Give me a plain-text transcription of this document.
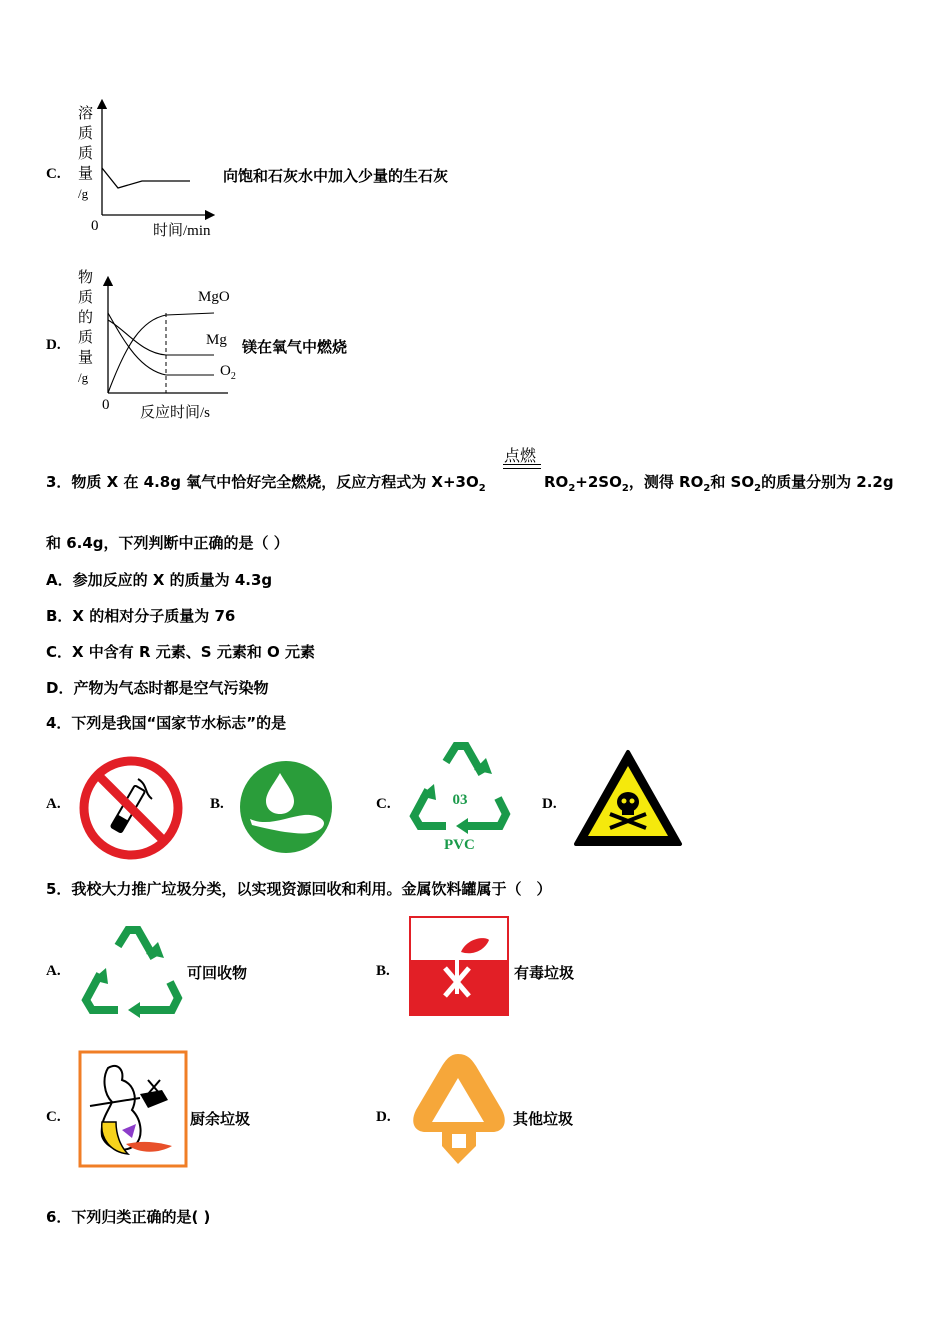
C.
溶
质
质
量
/g
0	时间/min
向饱和石灰水中加入少量的生石灰
D.
物
质
的
质
量
/g
0 反应时间/s
MgO
Mg
$O_2$
镁在氧气中燃烧
点燃
3．物质 X 在 4.8g 氧气中恰好完全燃烧，反应方程式为 $X+3O_2$	$RO_2+2SO_2$，测得 $RO_2$和 $SO_2$的质量分别为 2.2g
和 6.4g，下列判断中正确的是（ ）
A．参加反应的 X 的质量为 4.3g
B．X 的相对分子质量为 76
C．X 中含有 R 元素、S 元素和 O 元素
D．产物为气态时都是空气污染物
4．下列是我国“国家节水标志”的是
A.	B.	C.	03
PVC
D.
5．我校大力推广垃圾分类，以实现资源回收和利用。金属饮料罐属于（　）
A.	可回收物	B.	有毒垃圾
C.	厨余垃圾	D.	其他垃圾
6．下列归类正确的是( )
